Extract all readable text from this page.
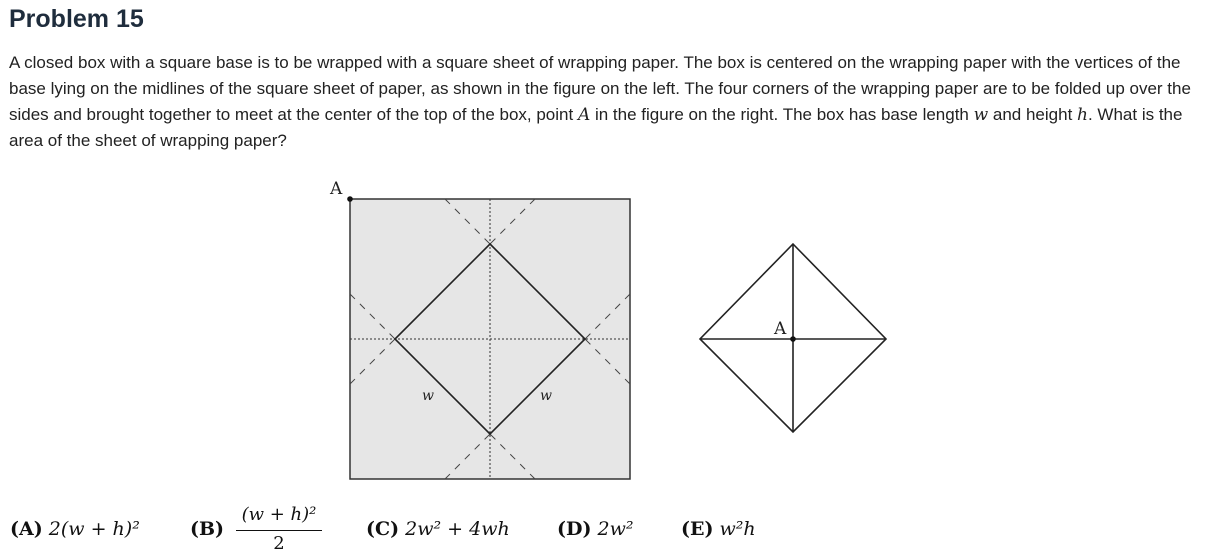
Problem 15

A closed box with a square base is to be wrapped with a square sheet of wrapping paper. The box is centered on the wrapping paper with the vertices of the base lying on the midlines of the square sheet of paper, as shown in the figure on the left. The four corners of the wrapping paper are to be folded up over the sides and brought together to meet at the center of the top of the box, point A in the figure on the right. The box has base length w and height h. What is the area of the sheet of wrapping paper?

A
w	w
A
(A) 2(w + h)²	$(B) \frac{\text{(w + h)²}}{2} (C) 2w^2 + 4wh$ (D) 2w²	(E) w²h
